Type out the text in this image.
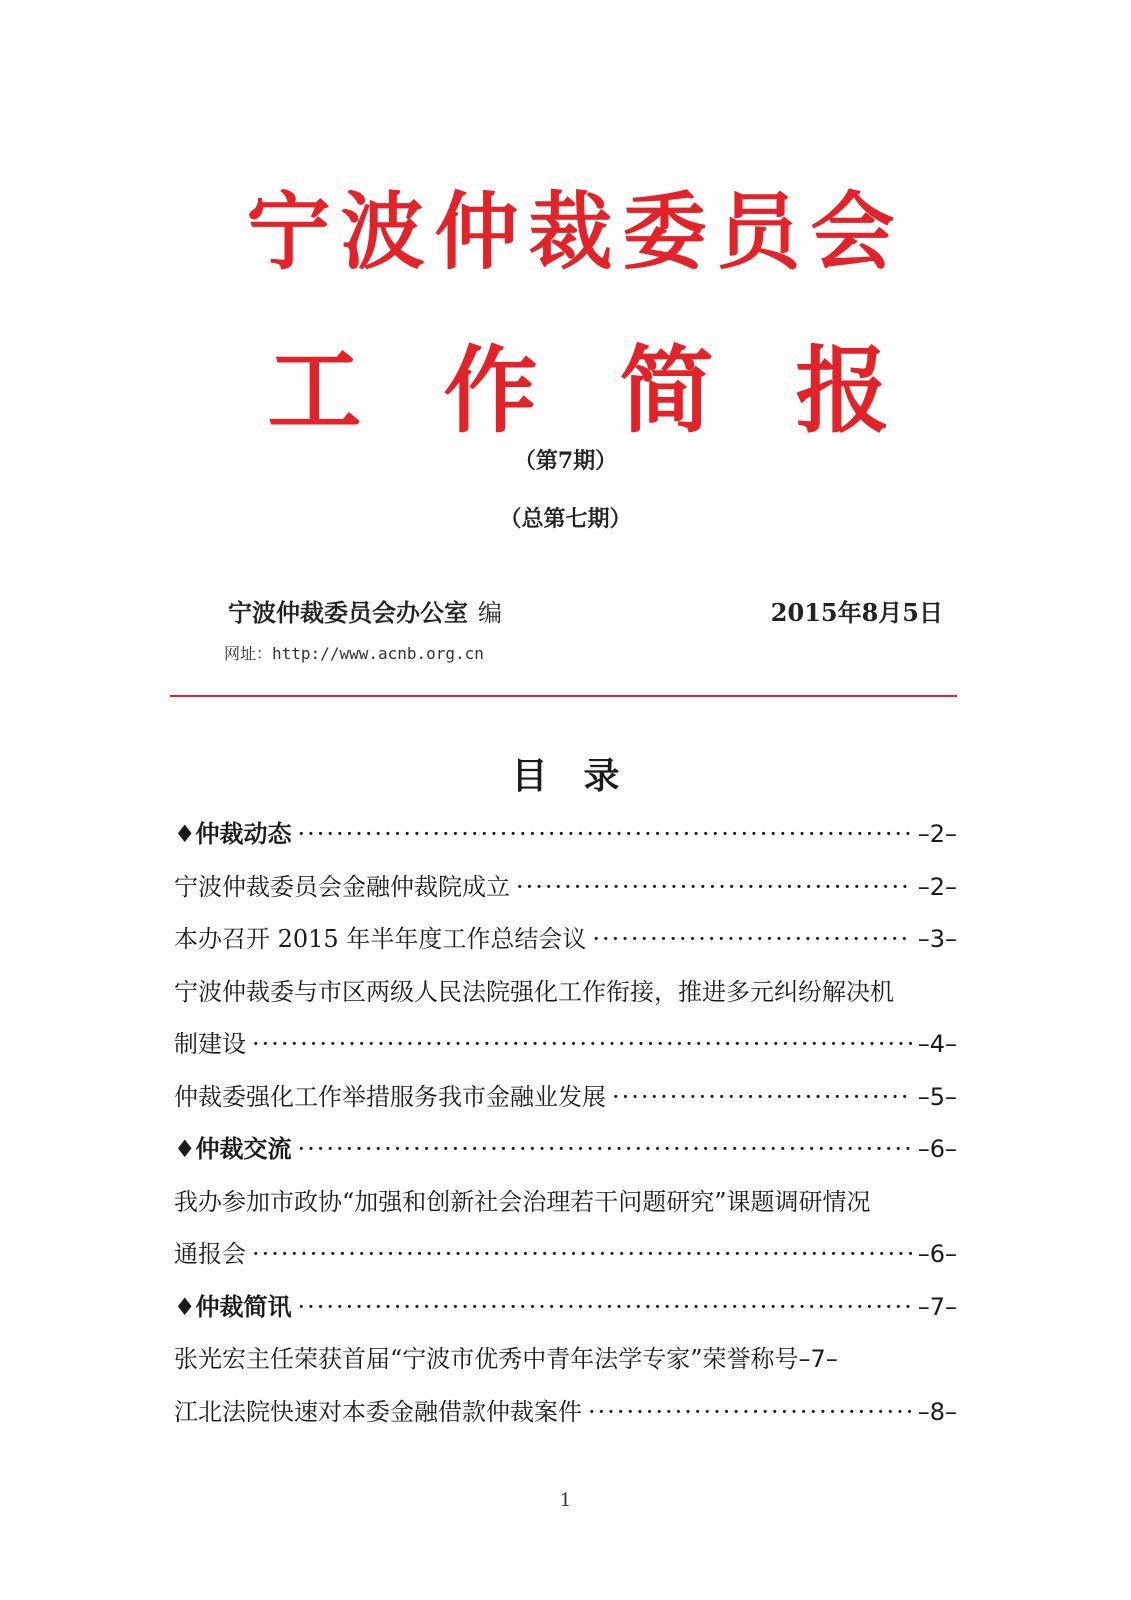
宁波仲裁委员会
工作简报
（第7期）
（总第七期）
宁波仲裁委员会办公室 编	2015年8月5日
网址：http://www.acnb.org.cn
目录
♦仲裁动态 ·····	–2–
宁波仲裁委员会金融仲裁院成立 ·····	–2–
本办召开 2015 年半年度工作总结会议 ·····	–3–
宁波仲裁委与市区两级人民法院强化工作衔接，推进多元纠纷解决机
制建设 ·····	–4–
仲裁委强化工作举措服务我市金融业发展 ·····	–5–
♦仲裁交流 ·····	–6–
我办参加市政协“加强和创新社会治理若干问题研究”课题调研情况
通报会 ·····	–6–
♦仲裁简讯 ·····	–7–
张光宏主任荣获首届“宁波市优秀中青年法学专家”荣誉称号 –7–
江北法院快速对本委金融借款仲裁案件 ·····	–8–
1
